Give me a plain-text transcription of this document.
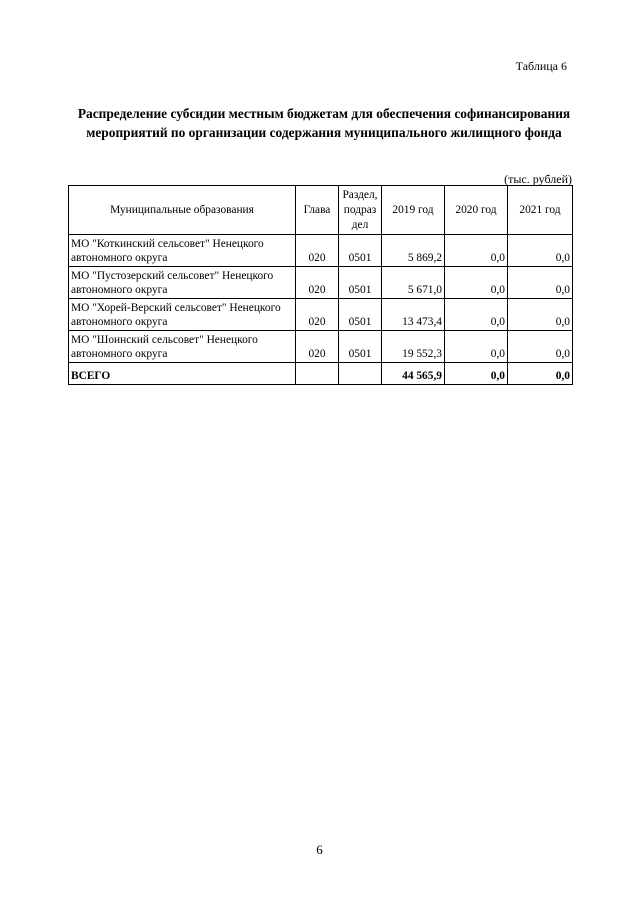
Таблица 6
Распределение субсидии местным бюджетам для обеспечения софинансирования
мероприятий по организации содержания муниципального жилищного фонда
(тыс. рублей)
Муниципальные образования	Глава	Раздел, подраз дел	2019 год	2020 год	2021 год
МО "Коткинский сельсовет" Ненецкого автономного округа	020	0501	5 869,2	0,0	0,0
МО "Пустозерский сельсовет" Ненецкого автономного округа	020	0501	5 671,0	0,0	0,0
МО "Хорей-Верский сельсовет" Ненецкого автономного округа	020	0501	13 473,4	0,0	0,0
МО "Шоинский сельсовет" Ненецкого автономного округа	020	0501	19 552,3	0,0	0,0
ВСЕГО			44 565,9	0,0	0,0
6
